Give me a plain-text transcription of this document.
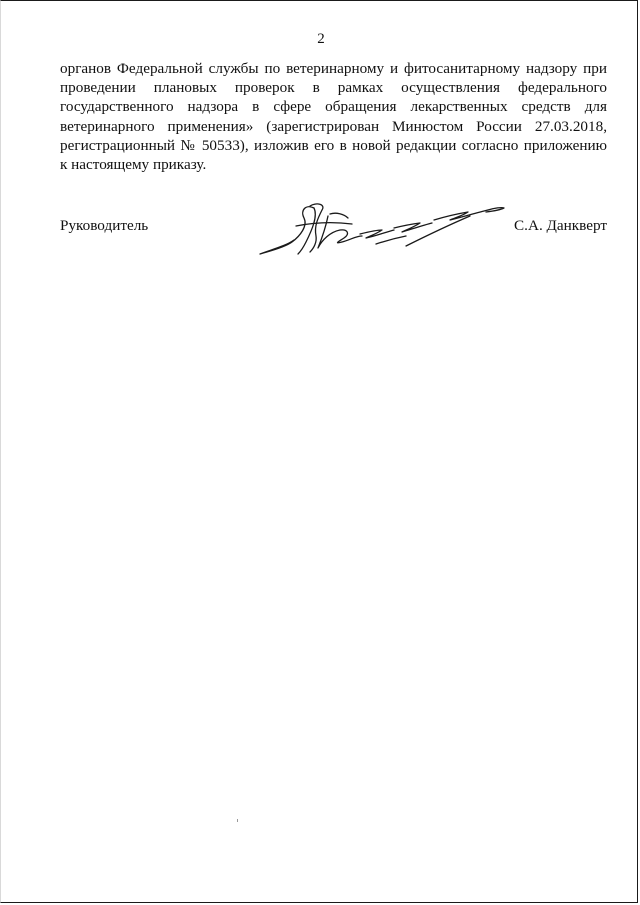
2
органов Федеральной службы по ветеринарному и фитосанитарному надзору при
проведении плановых проверок в рамках осуществления федерального
государственного надзора в сфере обращения лекарственных средств для
ветеринарного применения» (зарегистрирован Минюстом России 27.03.2018,
регистрационный № 50533), изложив его в новой редакции согласно приложению
к настоящему приказу.
Руководитель	С.А. Данкверт
